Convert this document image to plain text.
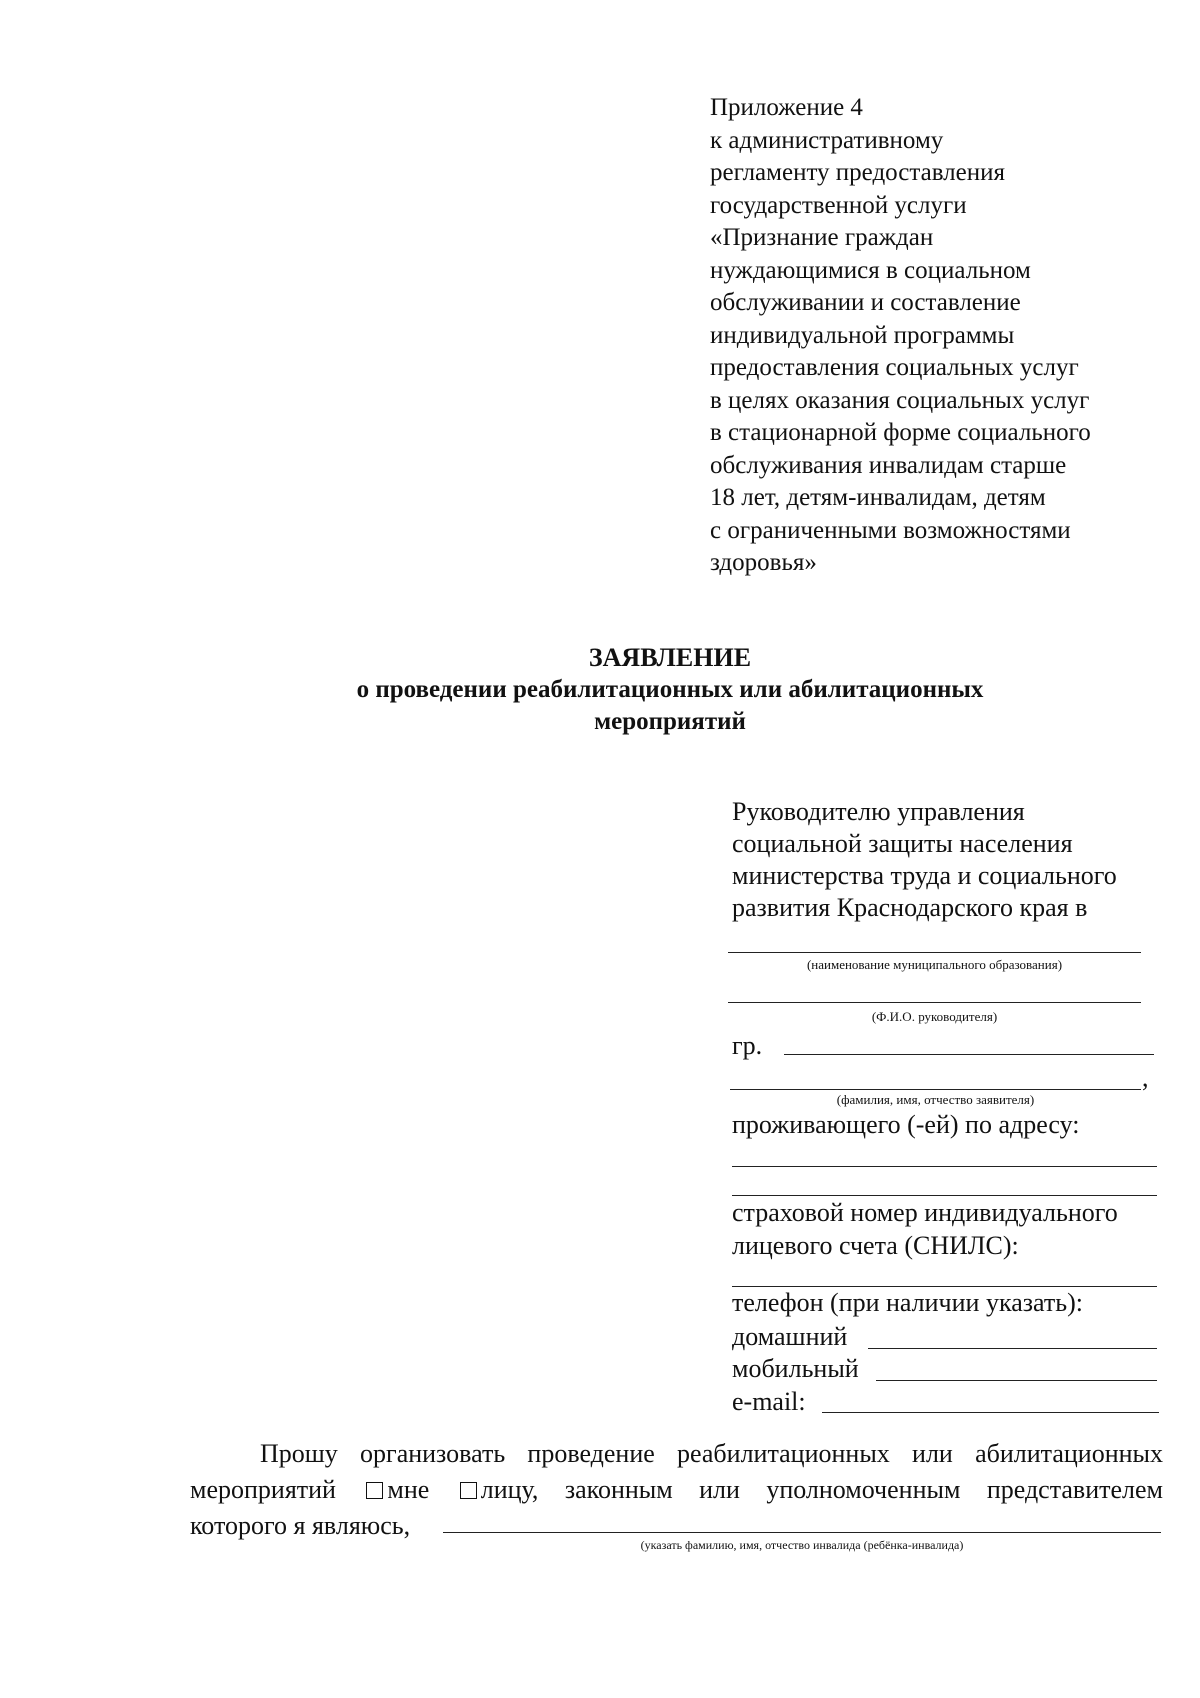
Приложение 4
к административному
регламенту предоставления
государственной услуги
«Признание граждан
нуждающимися в социальном
обслуживании и составление
индивидуальной программы
предоставления социальных услуг
в целях оказания социальных услуг
в стационарной форме социального
обслуживания инвалидам старше
18 лет, детям-инвалидам, детям
с ограниченными возможностями
здоровья»
ЗАЯВЛЕНИЕ
о проведении реабилитационных или абилитационных
мероприятий
Руководителю управления
социальной защиты населения
министерства труда и социального
развития Краснодарского края в
(наименование муниципального образования)
(Ф.И.О. руководителя)
гр.
,
(фамилия, имя, отчество заявителя)
проживающего (-ей) по адресу:
страховой номер индивидуального
лицевого счета (СНИЛС):
телефон (при наличии указать):
домашний
мобильный
e-mail:
Прошу организовать проведение реабилитационных или абилитационных
мероприятий мне лицу, законным или уполномоченным представителем
которого я являюсь,
(указать фамилию, имя, отчество инвалида (ребёнка-инвалида)
